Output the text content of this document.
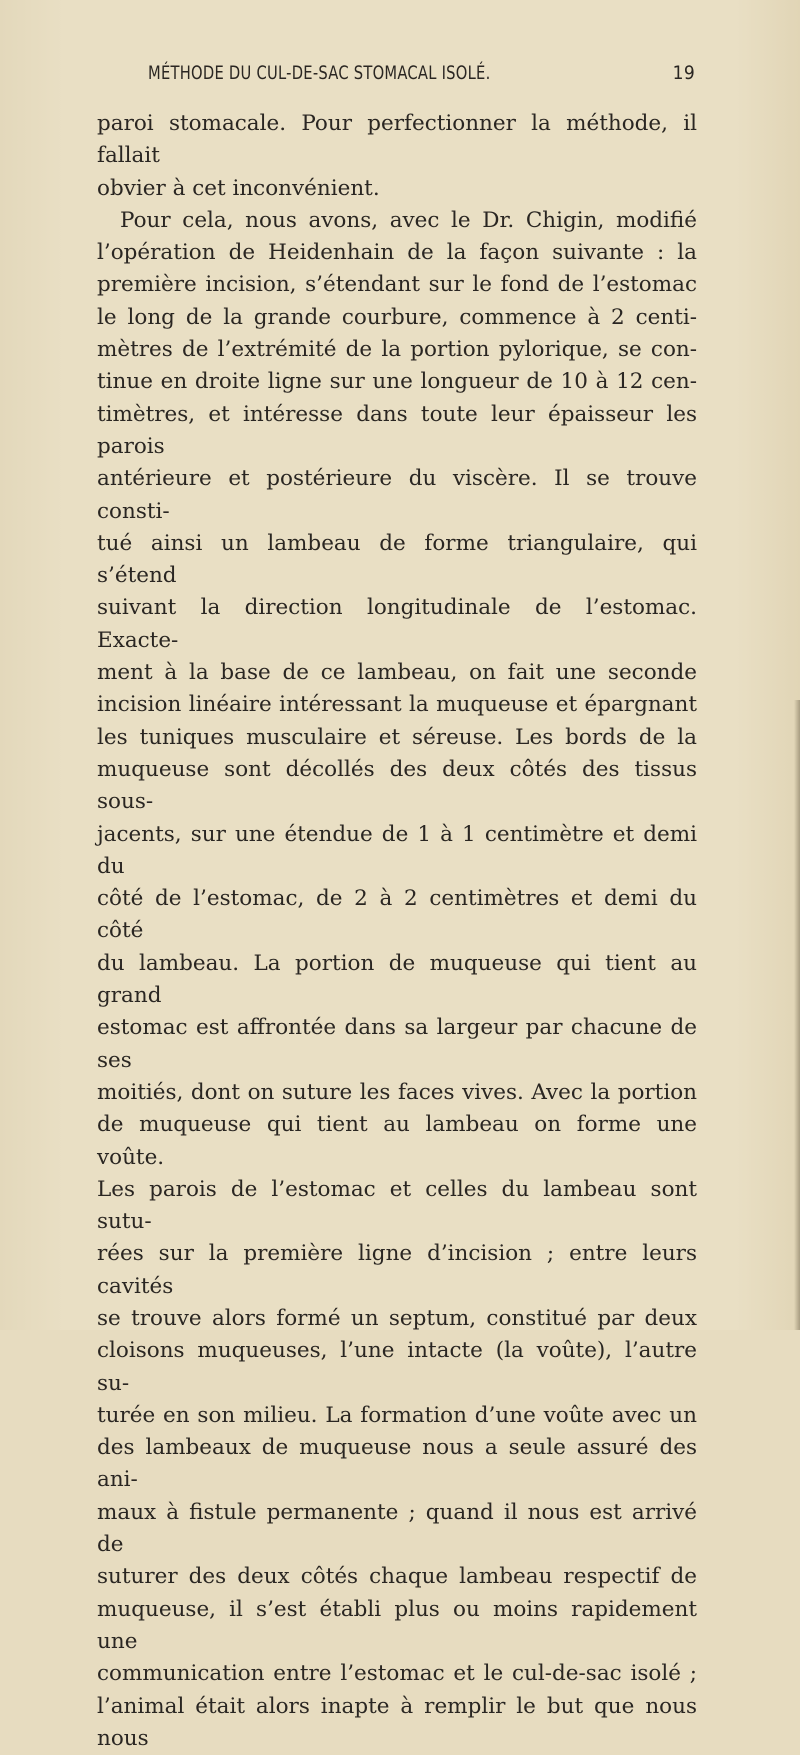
MÉTHODE DU CUL-DE-SAC STOMACAL ISOLÉ.	19

paroi stomacale. Pour perfectionner la méthode, il fallait

obvier à cet inconvénient.

Pour cela, nous avons, avec le Dr. Chigin, modifié

l’opération de Heidenhain de la façon suivante : la

première incision, s’étendant sur le fond de l’estomac

le long de la grande courbure, commence à 2 centi-

mètres de l’extrémité de la portion pylorique, se con-

tinue en droite ligne sur une longueur de 10 à 12 cen-

timètres, et intéresse dans toute leur épaisseur les parois

antérieure et postérieure du viscère. Il se trouve consti-

tué ainsi un lambeau de forme triangulaire, qui s’étend

suivant la direction longitudinale de l’estomac. Exacte-

ment à la base de ce lambeau, on fait une seconde

incision linéaire intéressant la muqueuse et épargnant

les tuniques musculaire et séreuse. Les bords de la

muqueuse sont décollés des deux côtés des tissus sous-

jacents, sur une étendue de 1 à 1 centimètre et demi du

côté de l’estomac, de 2 à 2 centimètres et demi du côté

du lambeau. La portion de muqueuse qui tient au grand

estomac est affrontée dans sa largeur par chacune de ses

moitiés, dont on suture les faces vives. Avec la portion

de muqueuse qui tient au lambeau on forme une voûte.

Les parois de l’estomac et celles du lambeau sont sutu-

rées sur la première ligne d’incision ; entre leurs cavités

se trouve alors formé un septum, constitué par deux

cloisons muqueuses, l’une intacte (la voûte), l’autre su-

turée en son milieu. La formation d’une voûte avec un

des lambeaux de muqueuse nous a seule assuré des ani-

maux à fistule permanente ; quand il nous est arrivé de

suturer des deux côtés chaque lambeau respectif de

muqueuse, il s’est établi plus ou moins rapidement une

communication entre l’estomac et le cul-de-sac isolé ;

l’animal était alors inapte à remplir le but que nous nous
